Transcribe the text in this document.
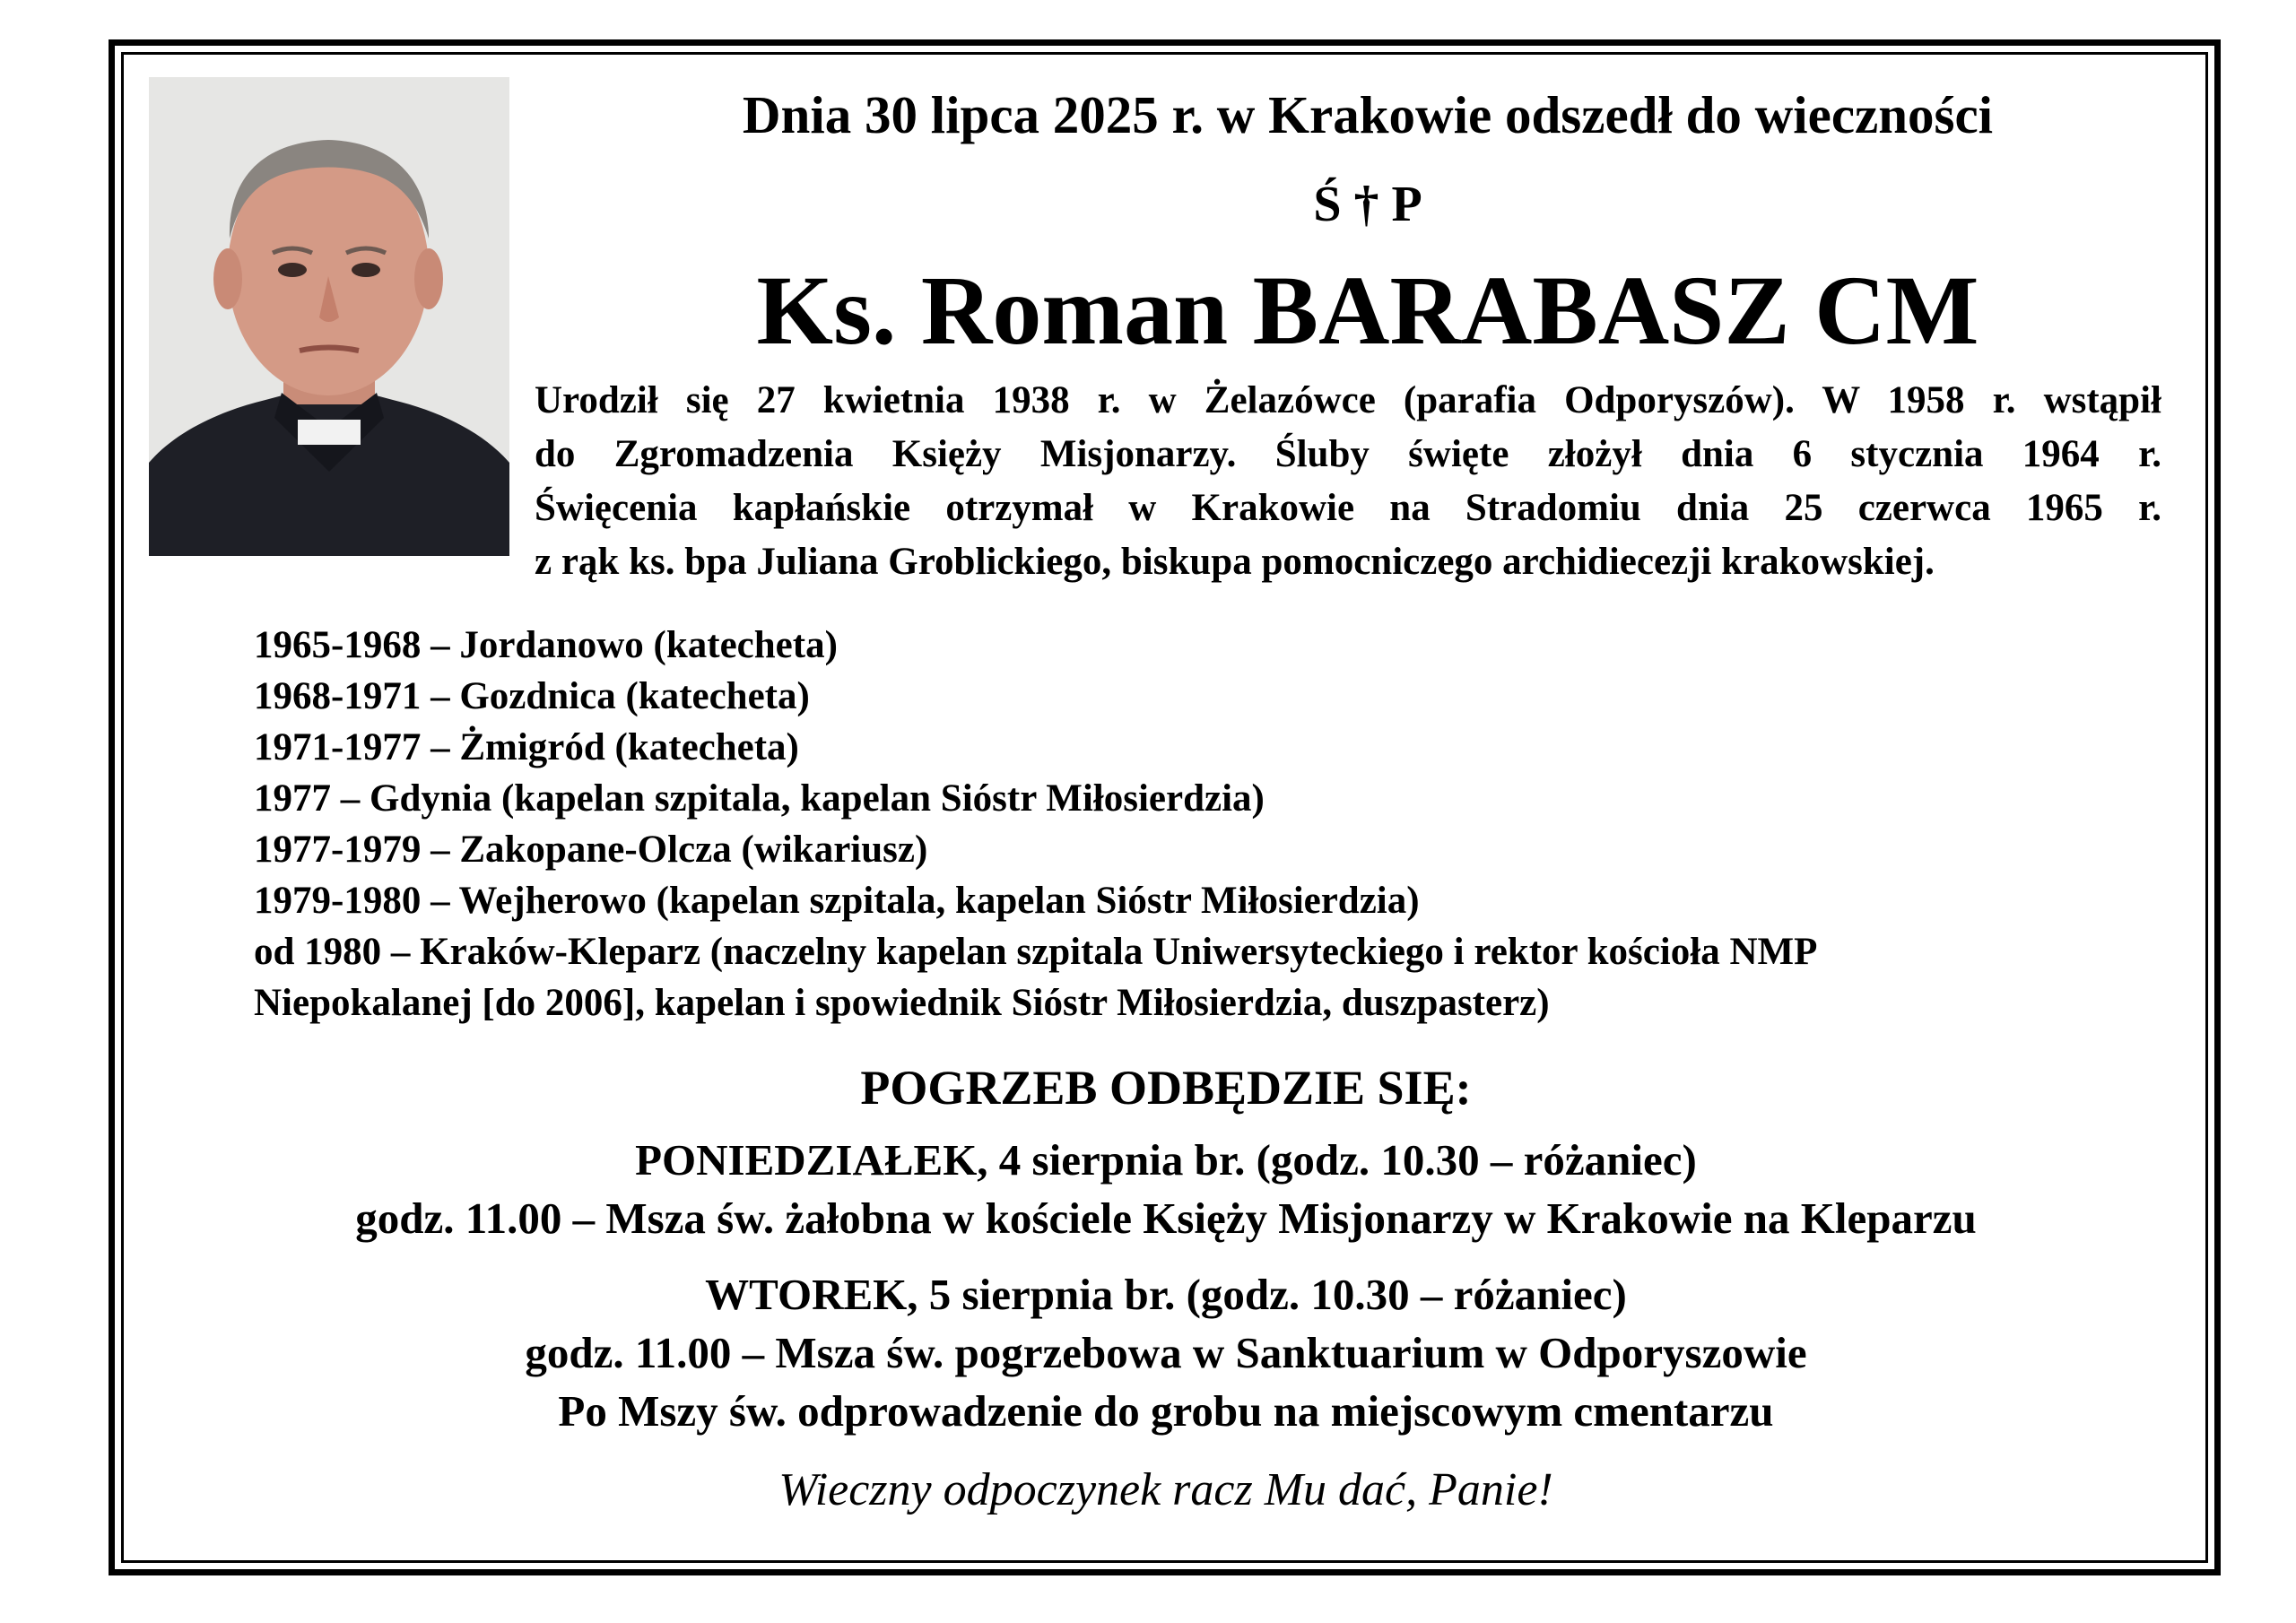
Dnia 30 lipca 2025 r. w Krakowie odszedł do wieczności
Ś † P
Ks. Roman BARABASZ CM
Urodził się 27 kwietnia 1938 r. w Żelazówce (parafia Odporyszów). W 1958 r. wstąpił
do Zgromadzenia Księży Misjonarzy. Śluby święte złożył dnia 6 stycznia 1964 r.
Święcenia kapłańskie otrzymał w Krakowie na Stradomiu dnia 25 czerwca 1965 r.
z rąk ks. bpa Juliana Groblickiego, biskupa pomocniczego archidiecezji krakowskiej.
1965-1968 – Jordanowo (katecheta)
1968-1971 – Gozdnica (katecheta)
1971-1977 – Żmigród (katecheta)
1977 – Gdynia (kapelan szpitala, kapelan Sióstr Miłosierdzia)
1977-1979 – Zakopane-Olcza (wikariusz)
1979-1980 – Wejherowo (kapelan szpitala, kapelan Sióstr Miłosierdzia)
od 1980 – Kraków-Kleparz (naczelny kapelan szpitala Uniwersyteckiego i rektor kościoła NMP
Niepokalanej [do 2006], kapelan i spowiednik Sióstr Miłosierdzia, duszpasterz)
POGRZEB ODBĘDZIE SIĘ:
PONIEDZIAŁEK, 4 sierpnia br. (godz. 10.30 – różaniec)
godz. 11.00 – Msza św. żałobna w kościele Księży Misjonarzy w Krakowie na Kleparzu
WTOREK, 5 sierpnia br. (godz. 10.30 – różaniec)
godz. 11.00 – Msza św. pogrzebowa w Sanktuarium w Odporyszowie
Po Mszy św. odprowadzenie do grobu na miejscowym cmentarzu
Wieczny odpoczynek racz Mu dać, Panie!
